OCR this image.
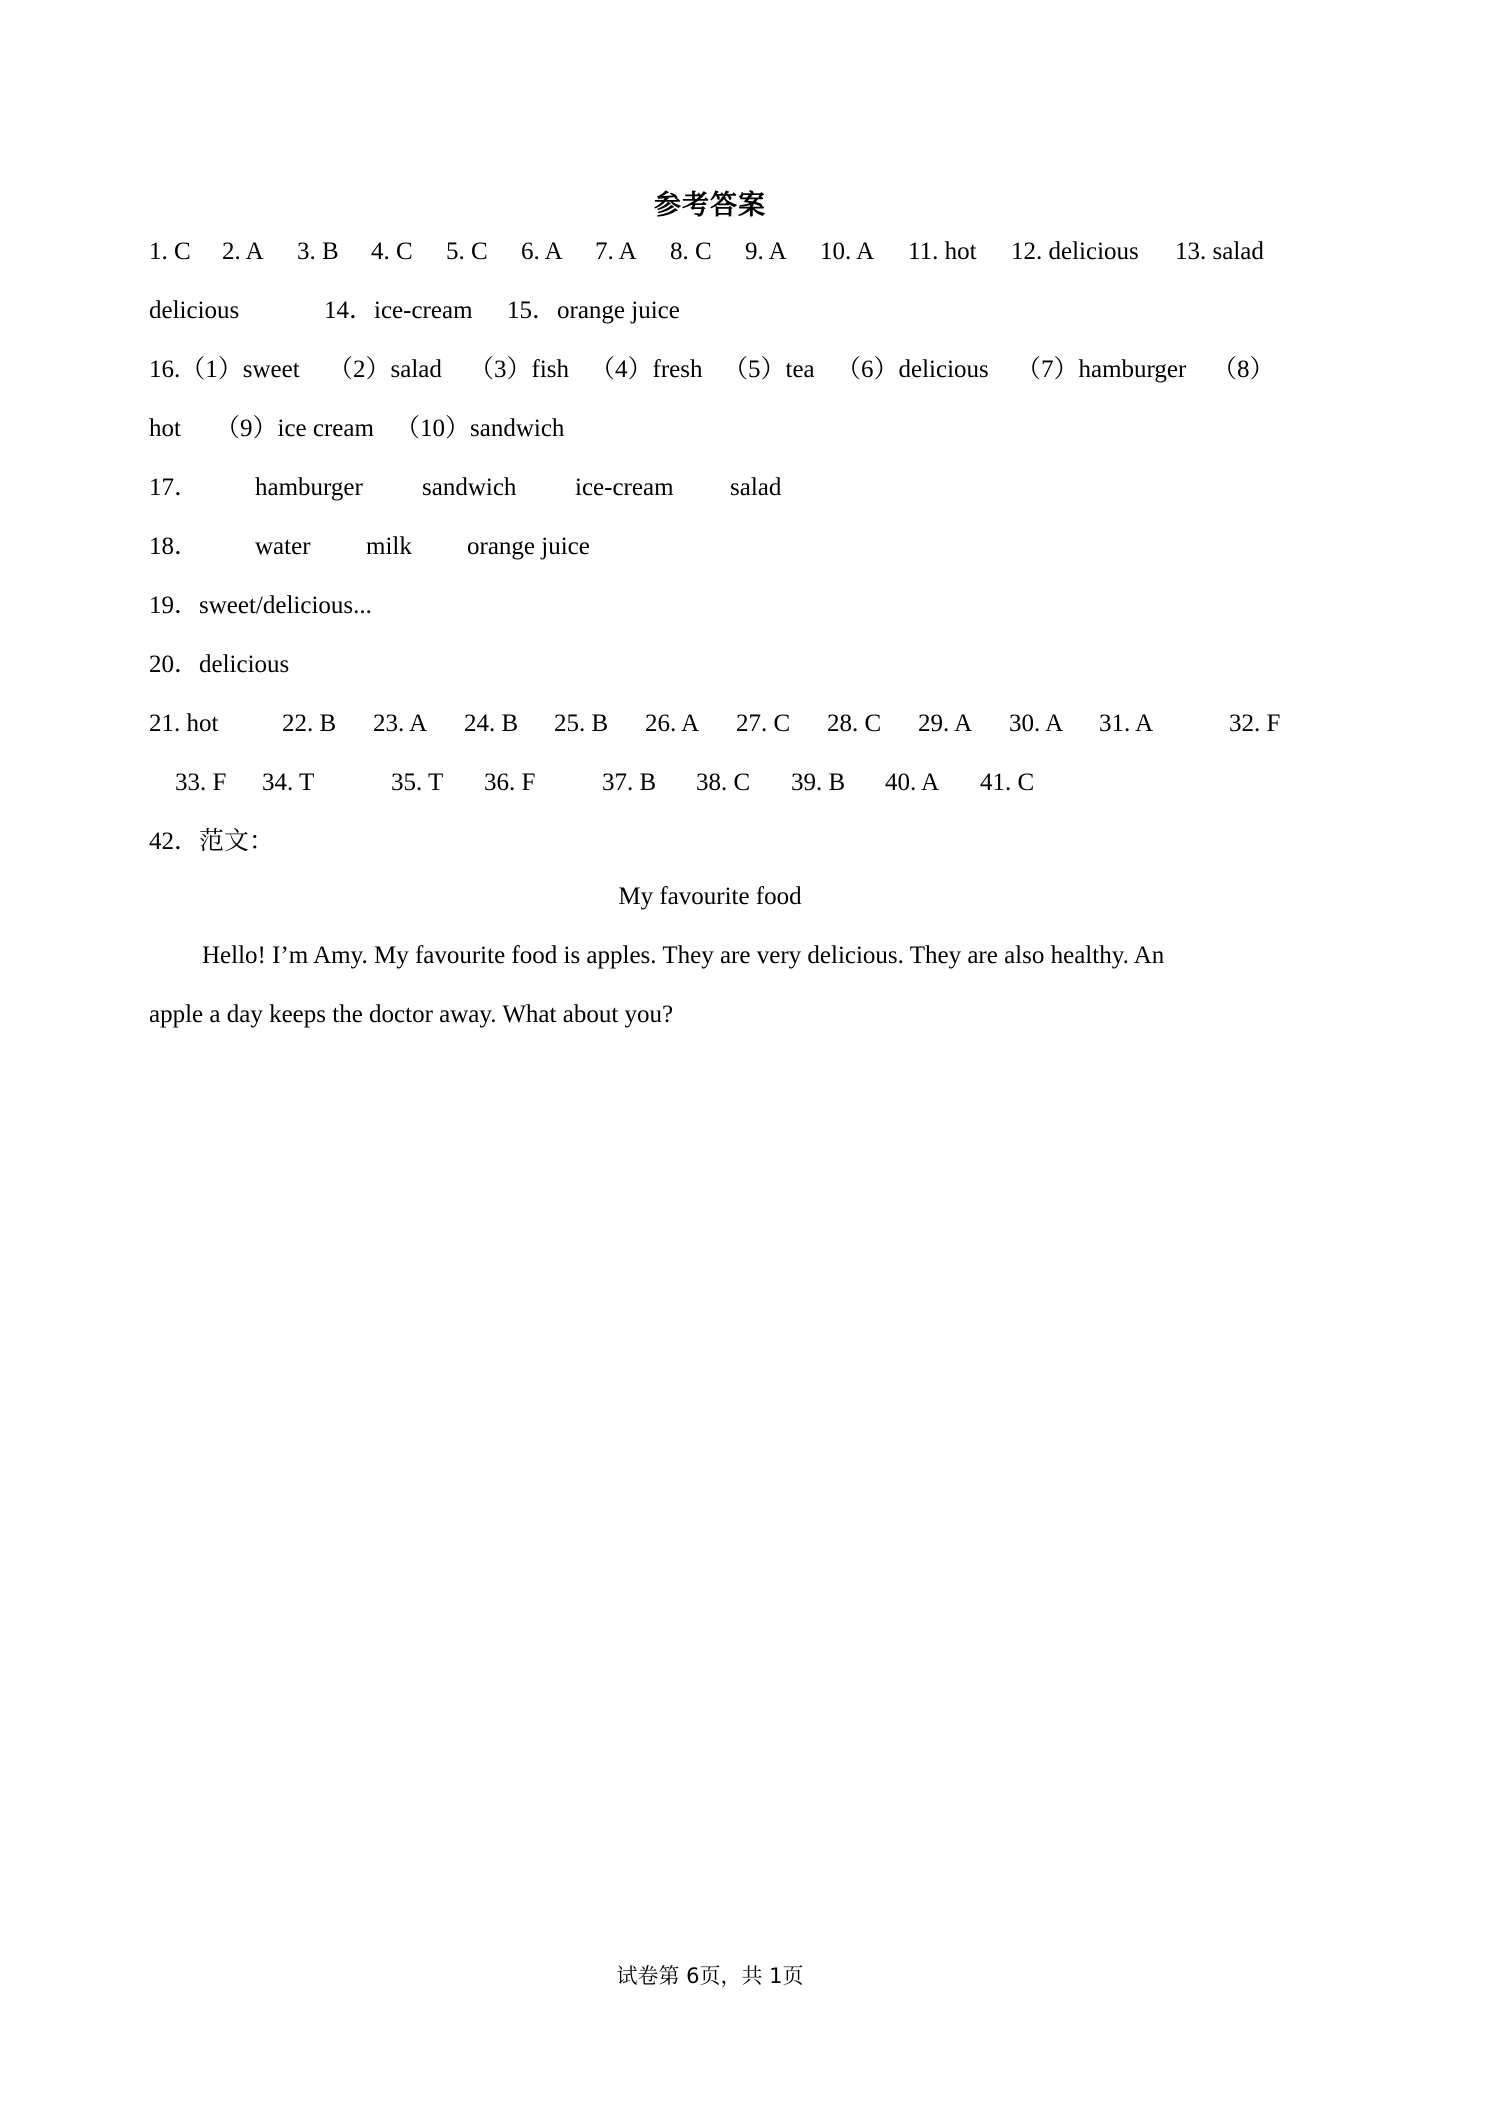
参考答案
1. C 2. A 3. B 4. C 5. C 6. A 7. A 8. C 9. A 10. A 11. hot 12. delicious 13. salad
delicious	14．ice-cream 15．orange juice
16.（1）sweet （2）salad （3）fish （4）fresh （5）tea （6）delicious （7）hamburger （8）
hot （9）ice cream （10）sandwich
17． hamburger sandwich ice-cream salad
18． water milk orange juice
19．sweet/delicious...
20．delicious
21. hot	22. B 23. A 24. B 25. B 26. A 27. C 28. C 29. A 30. A 31. A	32. F
33. F 34. T	35. T 36. F	37. B 38. C 39. B 40. A 41. C
42．范文：
My favourite food
Hello! I’m Amy. My favourite food is apples. They are very delicious. They are also healthy. An
apple a day keeps the doctor away. What about you?
试卷第 6页，共 1页
